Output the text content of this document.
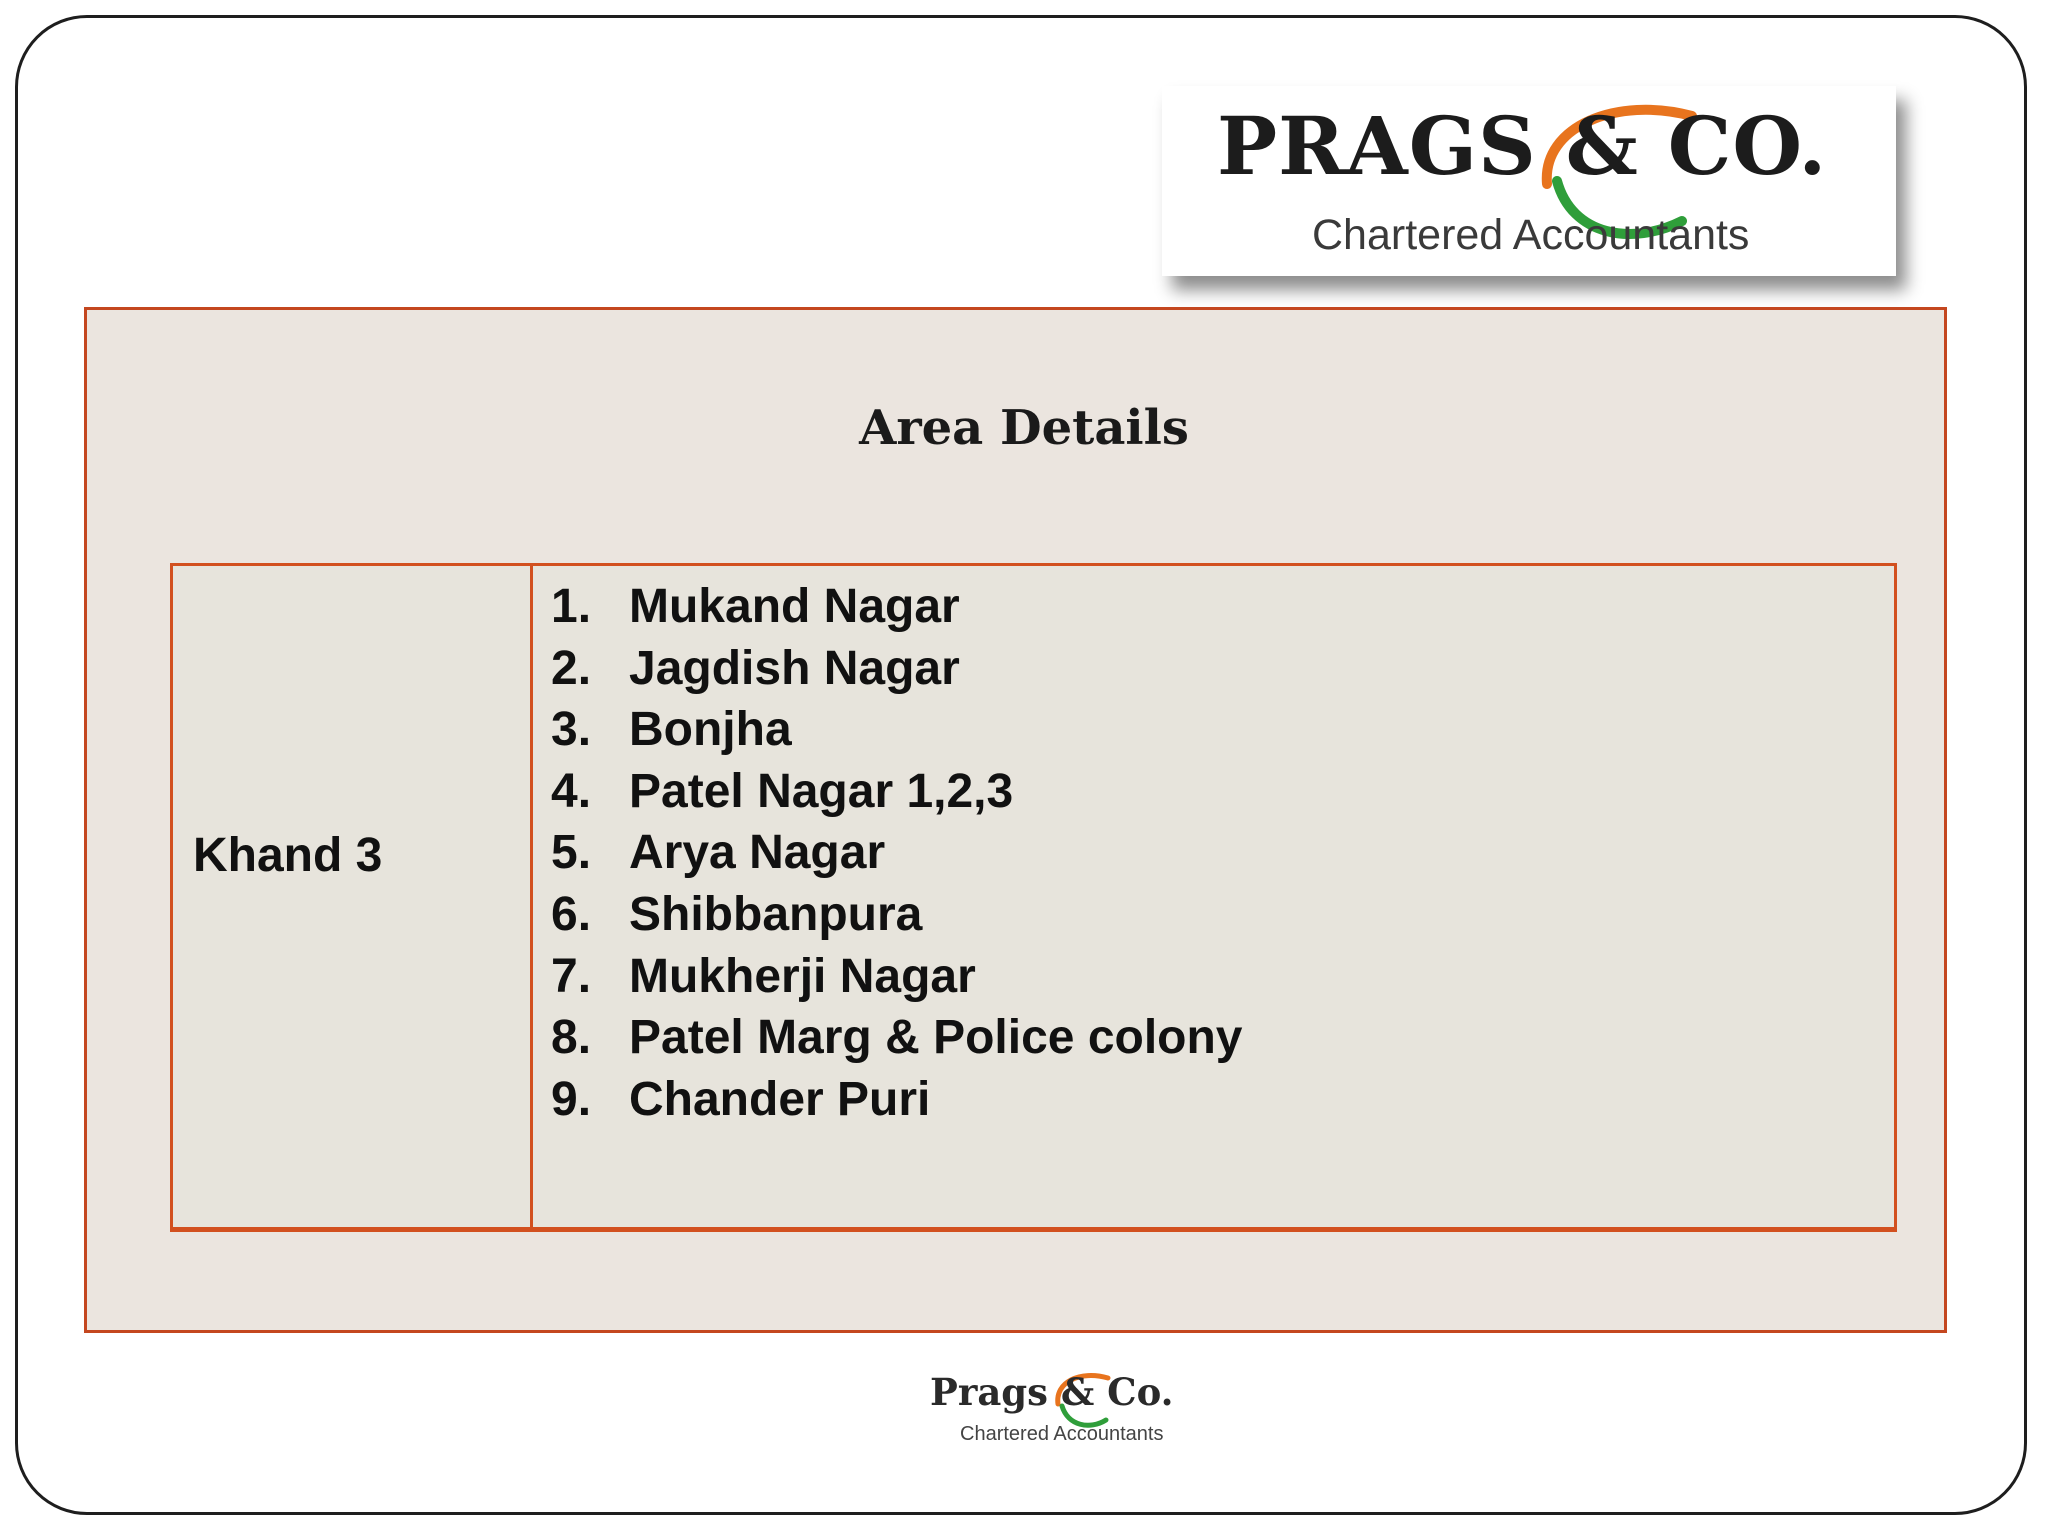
PRAGS & CO.
Chartered Accountants
Area Details
Khand 3
1. Mukand Nagar
2. Jagdish Nagar
3. Bonjha
4. Patel Nagar 1,2,3
5. Arya Nagar
6. Shibbanpura
7. Mukherji Nagar
8. Patel Marg & Police colony
9. Chander Puri
Prags & Co.
Chartered Accountants
